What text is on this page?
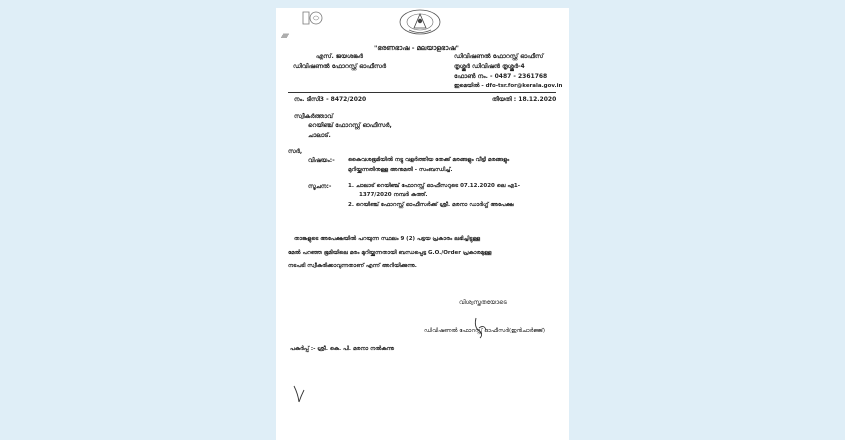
⁄⁄⁄⁄⁄⁄
"ഭരണഭാഷ - മലയാളഭാഷ"
എസ്. ജയശങ്കർ
ഡിവിഷണൽ ഫോറസ്റ്റ് ഓഫീസർ
ഡിവിഷണൽ ഫോറസ്റ്റ് ഓഫീസ്
തൃശ്ശൂർ ഡിവിഷൻ തൃശ്ശൂർ-4
ഫോൺ നം. - 0487 - 2361768
ഇമെയിൽ - dfo-tsr.for@kerala.gov.in
നം. ടിസി3 - 8472/2020	തീയതി : 18.12.2020
സ്വീകർത്താവ്
റെയിഞ്ച് ഫോറസ്റ്റ് ഓഫീസർ,
ചാലാട്.
സർ,
വിഷയം:- കൈവശഭൂമിയിൽ നട്ടു വളർത്തിയ തേക്ക് മരങ്ങളും വീട്ടി മരങ്ങളും
മുറിയ്ക്കുന്നതിനുള്ള അനുമതി - സംബന്ധിച്ച്.
സൂചന:-	1. ചാലാട് റെയിഞ്ച് ഫോറസ്റ്റ് ഓഫീസറുടെ 07.12.2020 ലെ എ1-
1377/2020 നമ്പർ കത്ത്.
2. റെയിഞ്ച് ഫോറസ്റ്റ് ഓഫീസർക്ക് ശ്രീ. മരനാ ഡാർഗ്ഗ് അപേക്ഷ
താങ്കളുടെ അപേക്ഷയിൽ പറയുന്ന സ്ഥലം 9 (2) പട്ടയ പ്രകാരം ലഭിച്ചിട്ടുള്ള
മേൽ പറഞ്ഞ ഭൂമിയിലെ മരം മുറിയ്ക്കുന്നതായി ബന്ധപ്പെട്ട G.O./Order പ്രകാരമുള്ള
നടപടി സ്വീകരിക്കാവുന്നതാണ് എന്ന് അറിയിക്കുന്നു.
വിശ്വസ്തതയോടെ
ഡിവിഷണൽ ഫോറസ്റ്റ് ഓഫീസർ(ഇൻചാർജ്ജ്)
പകർപ്പ് :- ശ്രീ. കെ. പി. മരനാ നൽകുന്നു
